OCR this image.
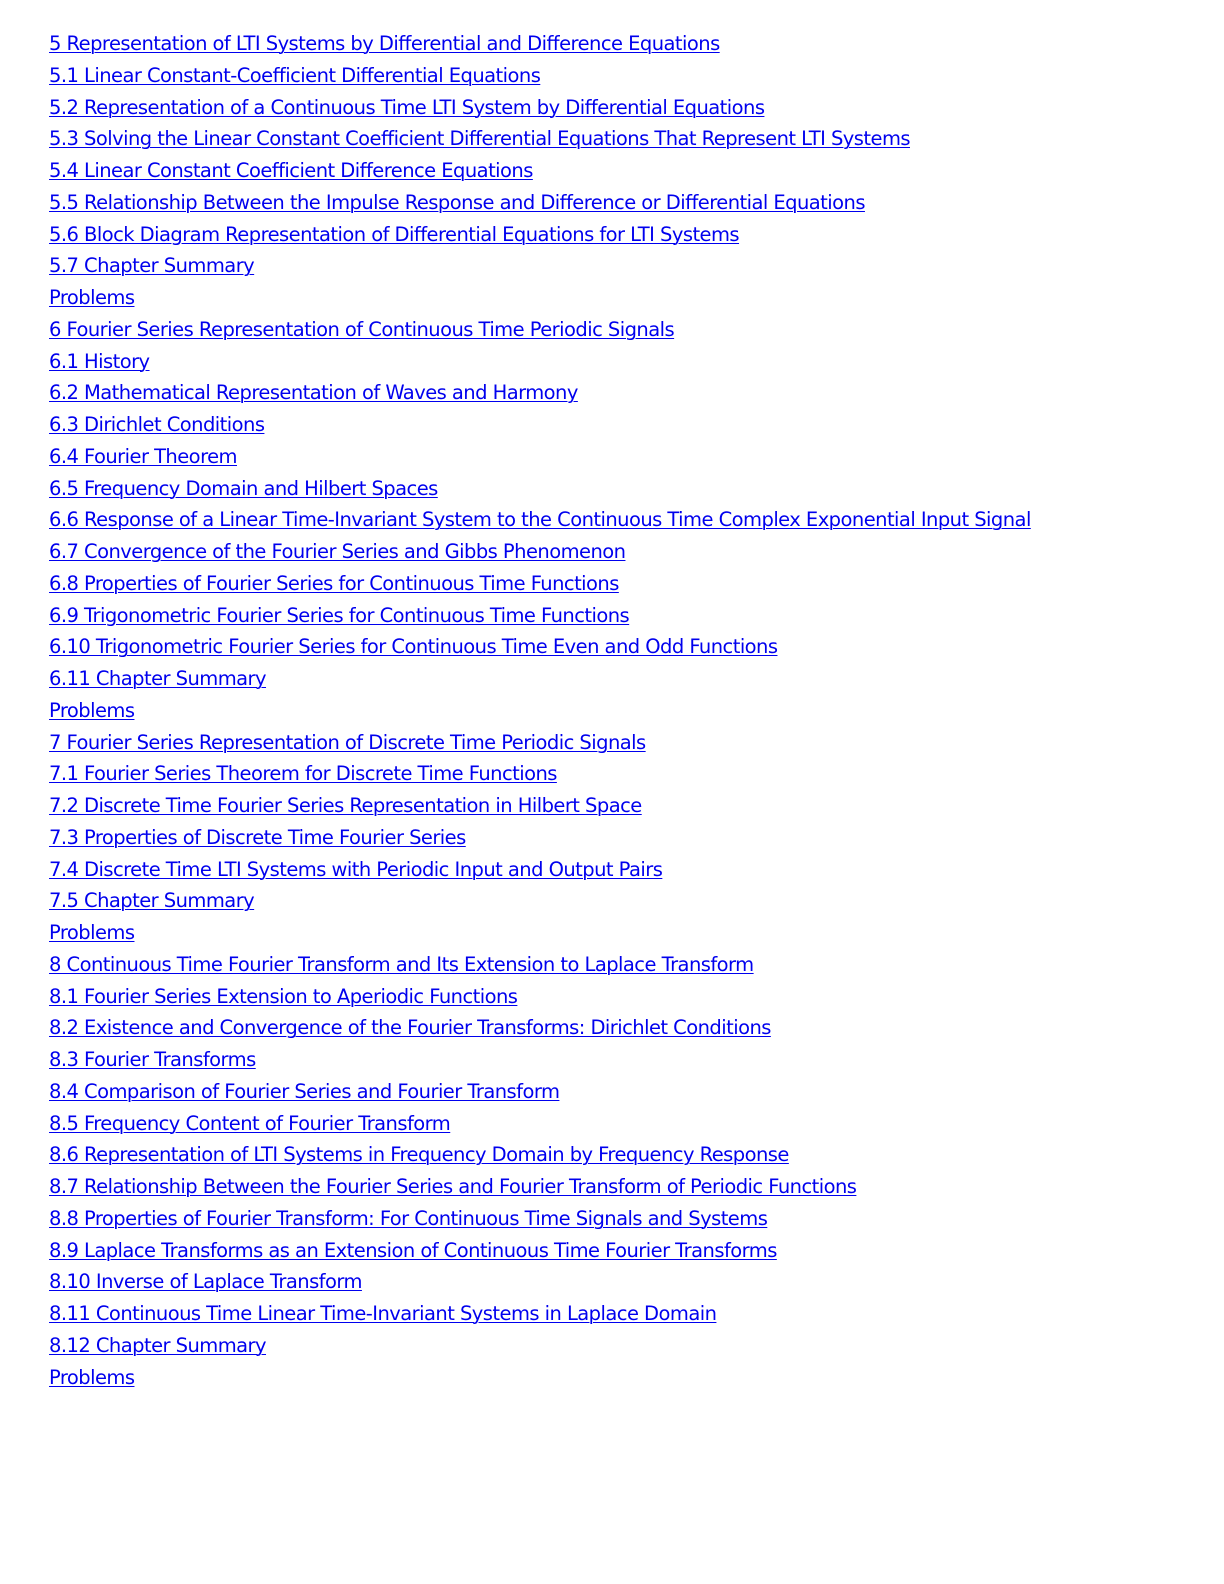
5 Representation of LTI Systems by Differential and Difference Equations
5.1 Linear Constant-Coefficient Differential Equations
5.2 Representation of a Continuous Time LTI System by Differential Equations
5.3 Solving the Linear Constant Coefficient Differential Equations That Represent LTI Systems
5.4 Linear Constant Coefficient Difference Equations
5.5 Relationship Between the Impulse Response and Difference or Differential Equations
5.6 Block Diagram Representation of Differential Equations for LTI Systems
5.7 Chapter Summary
Problems
6 Fourier Series Representation of Continuous Time Periodic Signals
6.1 History
6.2 Mathematical Representation of Waves and Harmony
6.3 Dirichlet Conditions
6.4 Fourier Theorem
6.5 Frequency Domain and Hilbert Spaces
6.6 Response of a Linear Time-Invariant System to the Continuous Time Complex Exponential Input Signal
6.7 Convergence of the Fourier Series and Gibbs Phenomenon
6.8 Properties of Fourier Series for Continuous Time Functions
6.9 Trigonometric Fourier Series for Continuous Time Functions
6.10 Trigonometric Fourier Series for Continuous Time Even and Odd Functions
6.11 Chapter Summary
Problems
7 Fourier Series Representation of Discrete Time Periodic Signals
7.1 Fourier Series Theorem for Discrete Time Functions
7.2 Discrete Time Fourier Series Representation in Hilbert Space
7.3 Properties of Discrete Time Fourier Series
7.4 Discrete Time LTI Systems with Periodic Input and Output Pairs
7.5 Chapter Summary
Problems
8 Continuous Time Fourier Transform and Its Extension to Laplace Transform
8.1 Fourier Series Extension to Aperiodic Functions
8.2 Existence and Convergence of the Fourier Transforms: Dirichlet Conditions
8.3 Fourier Transforms
8.4 Comparison of Fourier Series and Fourier Transform
8.5 Frequency Content of Fourier Transform
8.6 Representation of LTI Systems in Frequency Domain by Frequency Response
8.7 Relationship Between the Fourier Series and Fourier Transform of Periodic Functions
8.8 Properties of Fourier Transform: For Continuous Time Signals and Systems
8.9 Laplace Transforms as an Extension of Continuous Time Fourier Transforms
8.10 Inverse of Laplace Transform
8.11 Continuous Time Linear Time-Invariant Systems in Laplace Domain
8.12 Chapter Summary
Problems
